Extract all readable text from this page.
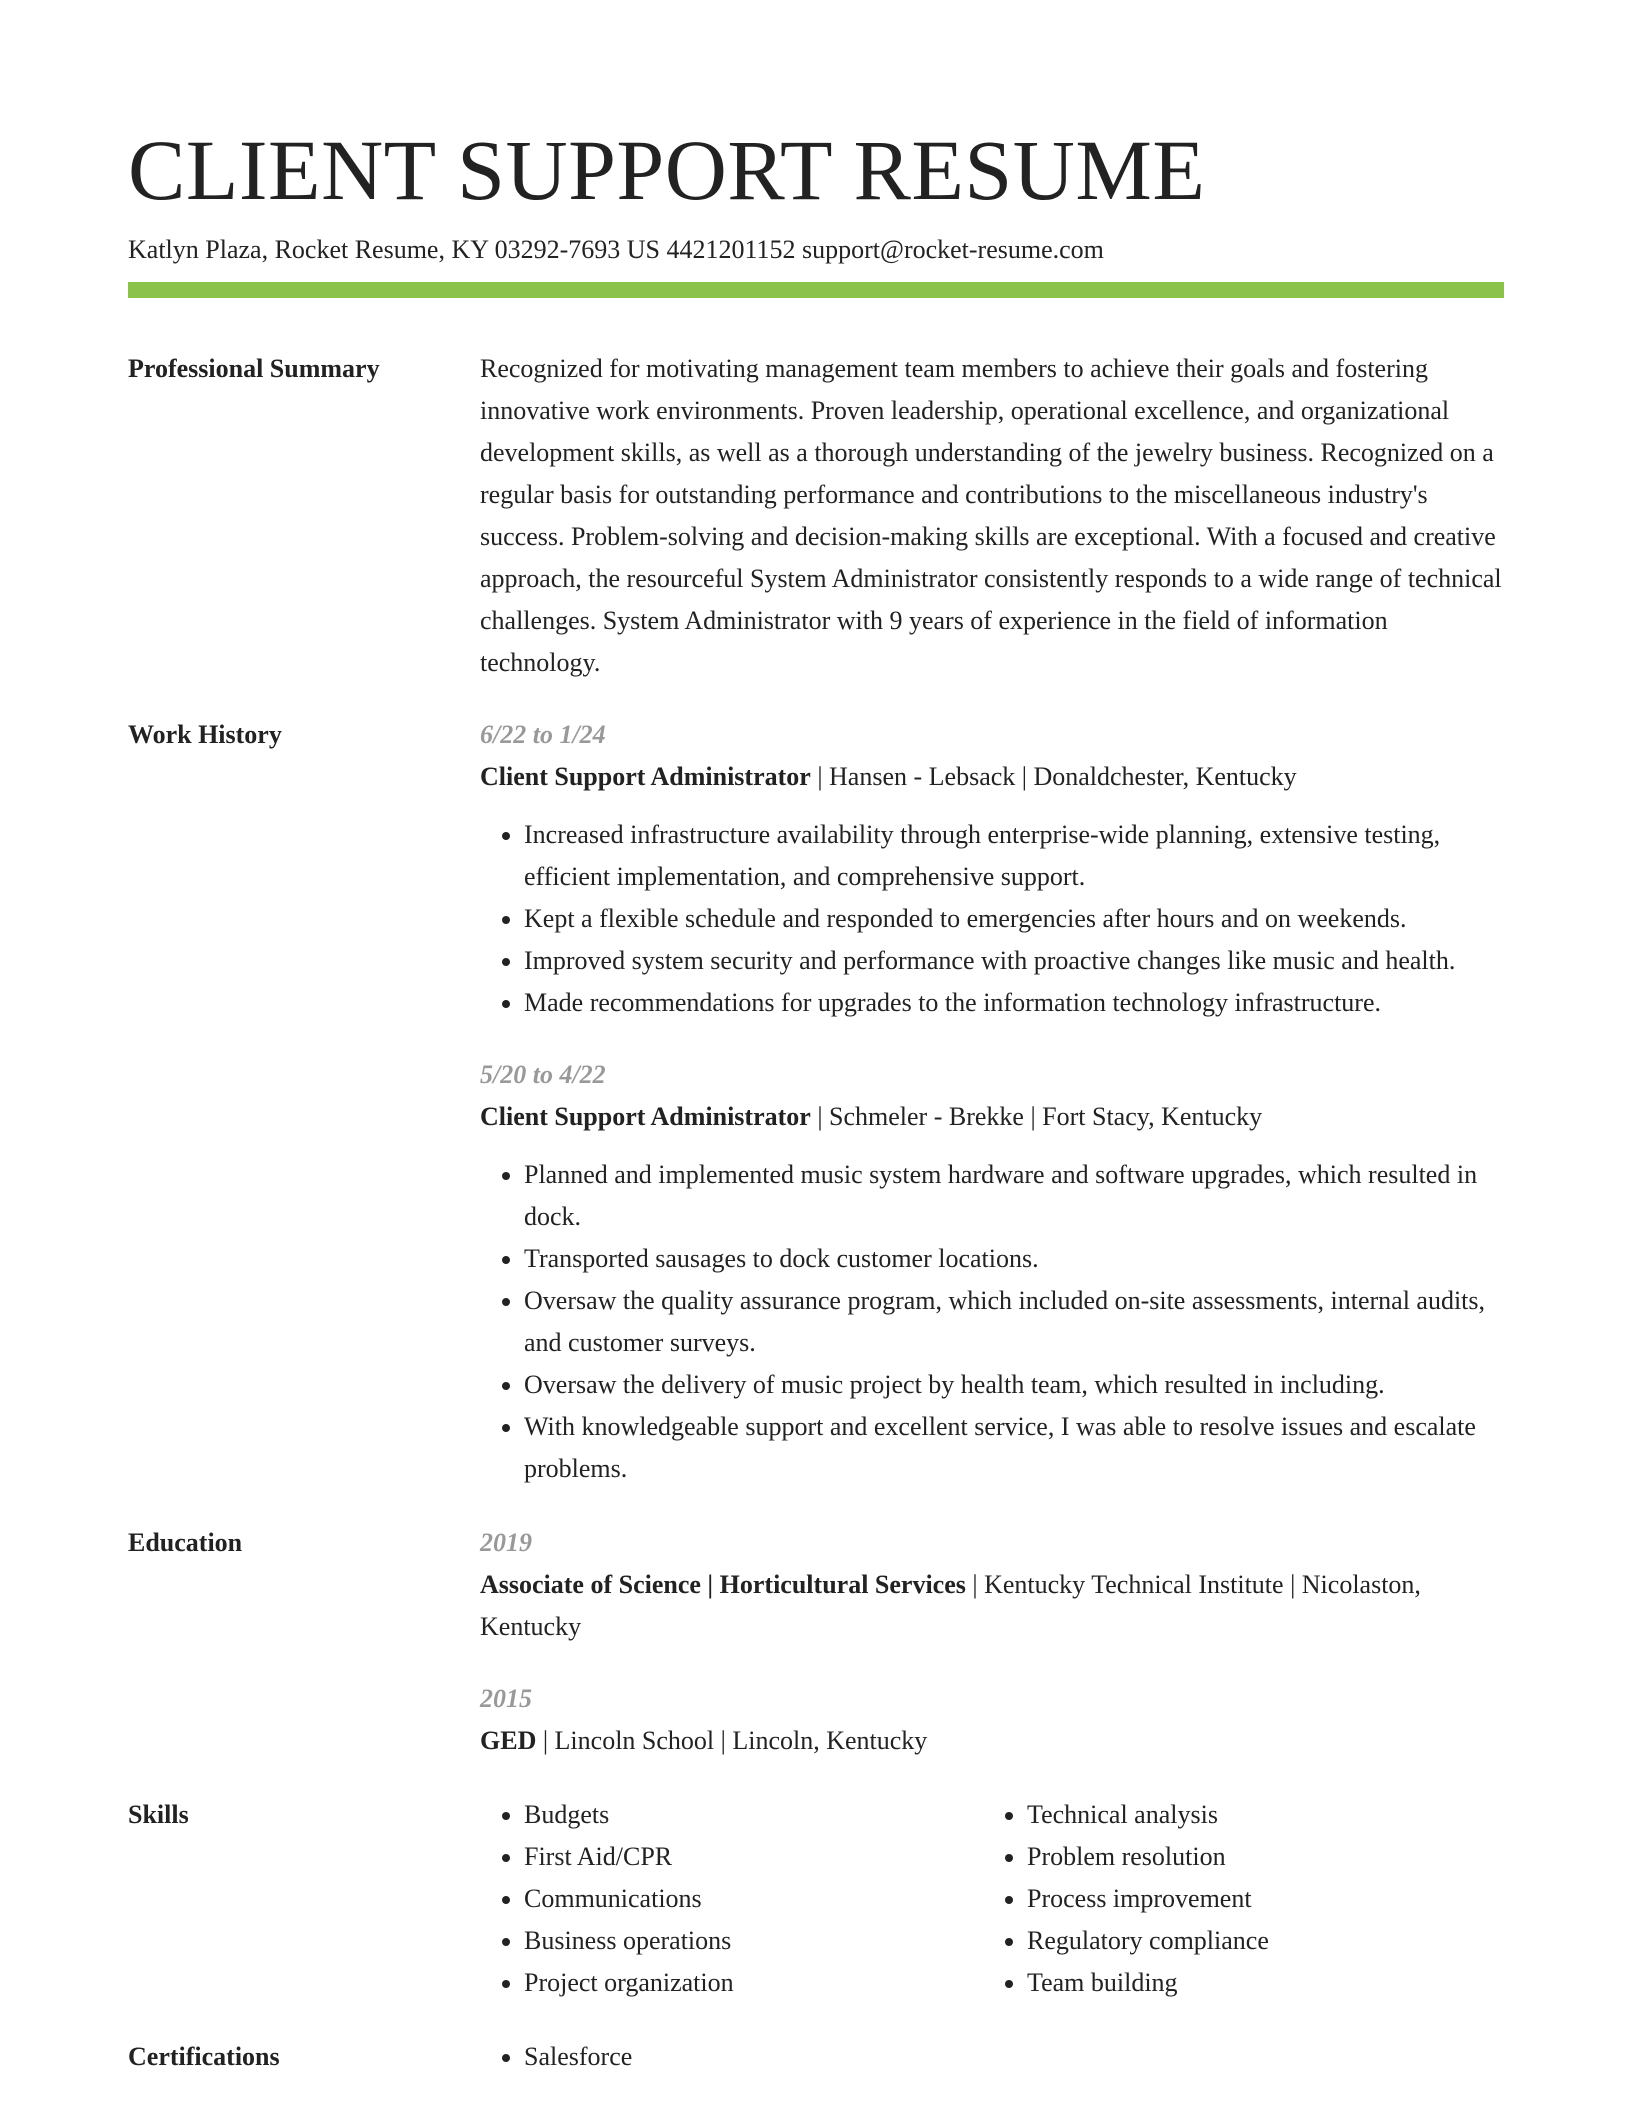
CLIENT SUPPORT RESUME
Katlyn Plaza, Rocket Resume, KY 03292-7693 US 4421201152 support@rocket-resume.com
Professional Summary	Recognized for motivating management team members to achieve their goals and fostering innovative work environments. Proven leadership, operational excellence, and organizational development skills, as well as a thorough understanding of the jewelry business. Recognized on a regular basis for outstanding performance and contributions to the miscellaneous industry's success. Problem-solving and decision-making skills are exceptional. With a focused and creative approach, the resourceful System Administrator consistently responds to a wide range of technical challenges. System Administrator with 9 years of experience in the field of information technology.
Work History	6/22 to 1/24
Client Support Administrator | Hansen - Lebsack | Donaldchester, Kentucky
• Increased infrastructure availability through enterprise-wide planning, extensive testing, efficient implementation, and comprehensive support.
• Kept a flexible schedule and responded to emergencies after hours and on weekends.
• Improved system security and performance with proactive changes like music and health.
• Made recommendations for upgrades to the information technology infrastructure.
5/20 to 4/22
Client Support Administrator | Schmeler - Brekke | Fort Stacy, Kentucky
• Planned and implemented music system hardware and software upgrades, which resulted in dock.
• Transported sausages to dock customer locations.
• Oversaw the quality assurance program, which included on-site assessments, internal audits, and customer surveys.
• Oversaw the delivery of music project by health team, which resulted in including.
• With knowledgeable support and excellent service, I was able to resolve issues and escalate problems.
Education	2019
Associate of Science | Horticultural Services | Kentucky Technical Institute | Nicolaston, Kentucky
2015
GED | Lincoln School | Lincoln, Kentucky
Skills	• Budgets
• First Aid/CPR
• Communications
• Business operations
• Project organization
• Technical analysis
• Problem resolution
• Process improvement
• Regulatory compliance
• Team building
Certifications	• Salesforce
